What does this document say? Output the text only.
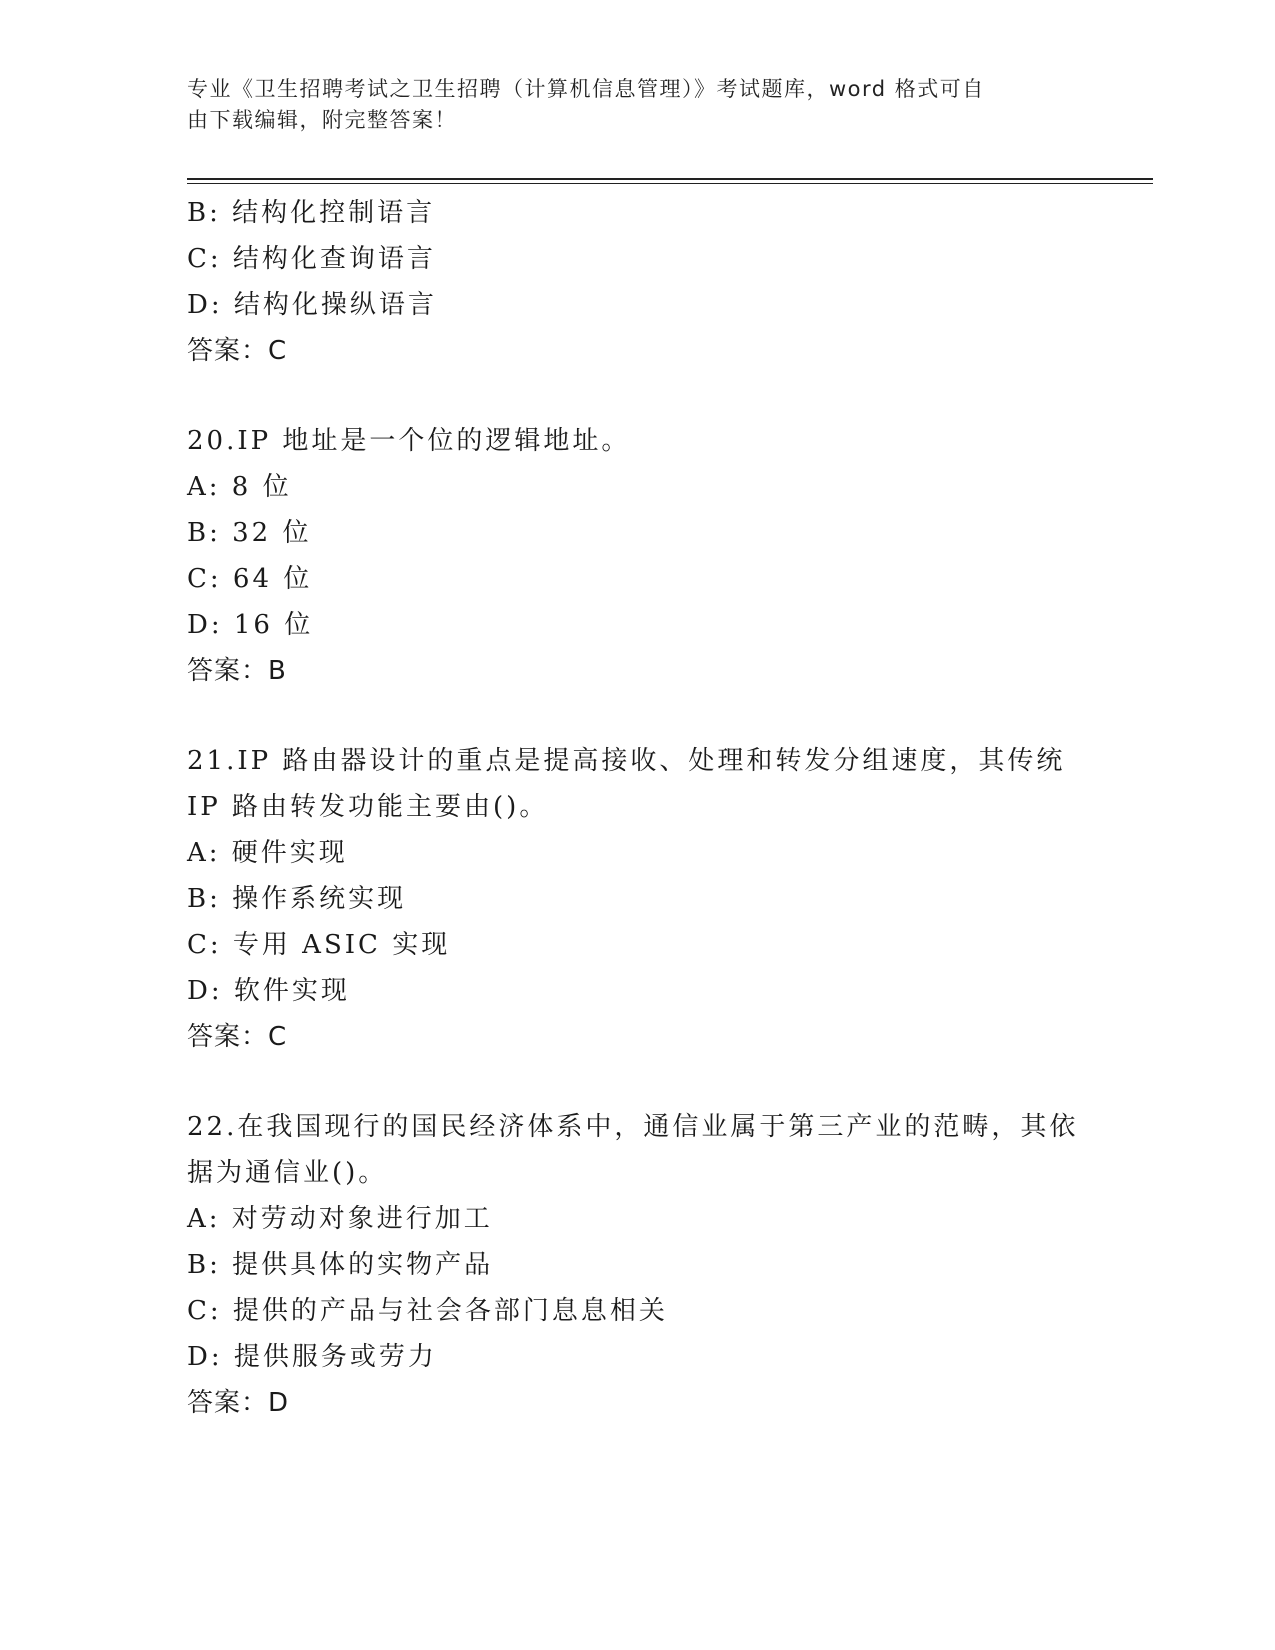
专业《卫生招聘考试之卫生招聘（计算机信息管理）》考试题库，word 格式可自
由下载编辑，附完整答案！

B: 结构化控制语言

C: 结构化查询语言

D: 结构化操纵语言

答案：C

20.IP 地址是一个位的逻辑地址。

A: 8 位

B: 32 位

C: 64 位

D: 16 位

答案：B

21.IP 路由器设计的重点是提高接收、处理和转发分组速度，其传统

IP 路由转发功能主要由()。

A: 硬件实现

B: 操作系统实现

C: 专用 ASIC 实现

D: 软件实现

答案：C

22.在我国现行的国民经济体系中，通信业属于第三产业的范畴，其依

据为通信业()。

A: 对劳动对象进行加工

B: 提供具体的实物产品

C: 提供的产品与社会各部门息息相关

D: 提供服务或劳力

答案：D
